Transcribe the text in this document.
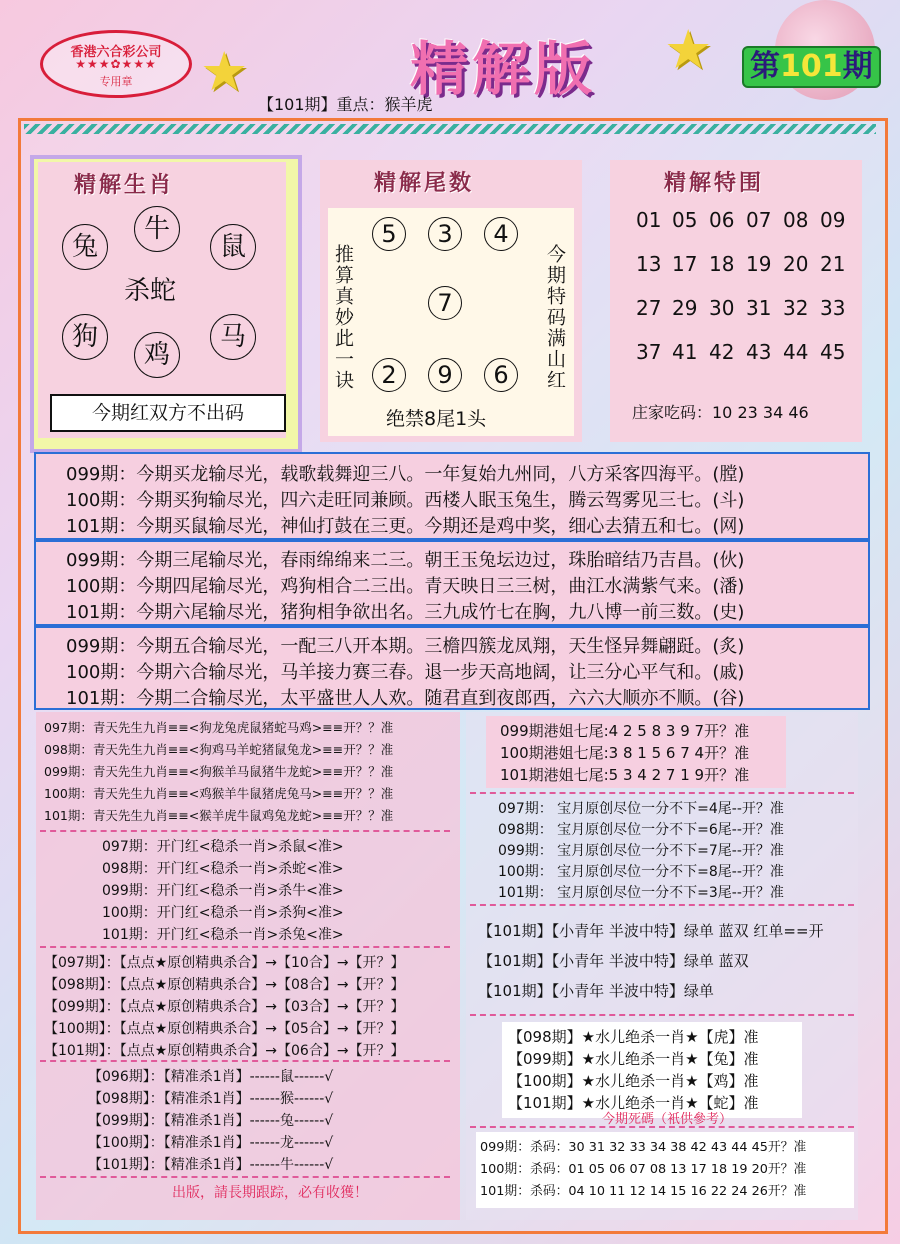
香港六合彩公司
★★★✿★★★
专用章	★	精解版 ★ 第101期
【101期】重点：猴羊虎
精解生肖
兔
牛
鼠
杀蛇
狗
鸡
马
今期红双方不出码
精解尾数
5	3	4
7
2	9	6
推算真妙此一诀	今期特码满山红
绝禁8尾1头
精解特围
01 05 06 07 08 09
13 17 18 19 20 21
27 29 30 31 32 33
37 41 42 43 44 45
庄家吃码：10 23 34 46
099期：今期买龙输尽光，载歌载舞迎三八。一年复始九州同，八方采客四海平。(膛)
100期：今期买狗输尽光，四六走旺同兼顾。西楼人眠玉兔生，腾云驾雾见三七。(斗)
101期：今期买鼠输尽光，神仙打鼓在三更。今期还是鸡中奖，细心去猜五和七。(网)
099期：今期三尾输尽光，春雨绵绵来二三。朝王玉兔坛边过，珠胎暗结乃吉昌。(伙)
100期：今期四尾输尽光，鸡狗相合二三出。青天映日三三树，曲江水满紫气来。(潘)
101期：今期六尾输尽光，猪狗相争欲出名。三九成竹七在胸，九八博一前三数。(史)
099期：今期五合输尽光，一配三八开本期。三檐四簇龙凤翔，天生怪异舞翩跹。(炙)
100期：今期六合输尽光，马羊接力赛三春。退一步天高地阔，让三分心平气和。(戚)
101期：今期二合输尽光，太平盛世人人欢。随君直到夜郎西，六六大顺亦不顺。(谷)
097期：青天先生九肖≡≡<狗龙兔虎鼠猪蛇马鸡>≡≡开？？准
098期：青天先生九肖≡≡<狗鸡马羊蛇猪鼠兔龙>≡≡开？？准
099期：青天先生九肖≡≡<狗猴羊马鼠猪牛龙蛇>≡≡开？？准
100期：青天先生九肖≡≡<鸡猴羊牛鼠猪虎兔马>≡≡开？？准
101期：青天先生九肖≡≡<猴羊虎牛鼠鸡兔龙蛇>≡≡开？？准
097期：开门红<稳杀一肖>杀鼠<准>
098期：开门红<稳杀一肖>杀蛇<准>
099期：开门红<稳杀一肖>杀牛<准>
100期：开门红<稳杀一肖>杀狗<准>
101期：开门红<稳杀一肖>杀兔<准>
【097期】：【点点★原创精典杀合】→【10合】→【开？】
【098期】：【点点★原创精典杀合】→【08合】→【开？】
【099期】：【点点★原创精典杀合】→【03合】→【开？】
【100期】：【点点★原创精典杀合】→【05合】→【开？】
【101期】：【点点★原创精典杀合】→【06合】→【开？】
【096期】：【精准杀1肖】------鼠------√
【098期】：【精准杀1肖】------猴------√
【099期】：【精准杀1肖】------兔------√
【100期】：【精准杀1肖】------龙------√
【101期】：【精准杀1肖】------牛------√
出版，請長期跟踪，必有收獲！
099期港姐七尾:4 2 5 8 3 9 7开？准
100期港姐七尾:3 8 1 5 6 7 4开？准
101期港姐七尾:5 3 4 2 7 1 9开？准
097期： 宝月原创尽位一分不下=4尾--开？准
098期： 宝月原创尽位一分不下=6尾--开？准
099期： 宝月原创尽位一分不下=7尾--开？准
100期： 宝月原创尽位一分不下=8尾--开？准
101期： 宝月原创尽位一分不下=3尾--开？准
【101期】【小青年 半波中特】绿单 蓝双 红单==开
【101期】【小青年 半波中特】绿单 蓝双
【101期】【小青年 半波中特】绿单
【098期】★水儿绝杀一肖★【虎】准
【099期】★水儿绝杀一肖★【兔】准
【100期】★水儿绝杀一肖★【鸡】准
【101期】★水儿绝杀一肖★【蛇】准
今期死碼（衹供參考）
099期：杀码：30 31 32 33 34 38 42 43 44 45开？准
100期：杀码：01 05 06 07 08 13 17 18 19 20开？准
101期：杀码：04 10 11 12 14 15 16 22 24 26开？准
